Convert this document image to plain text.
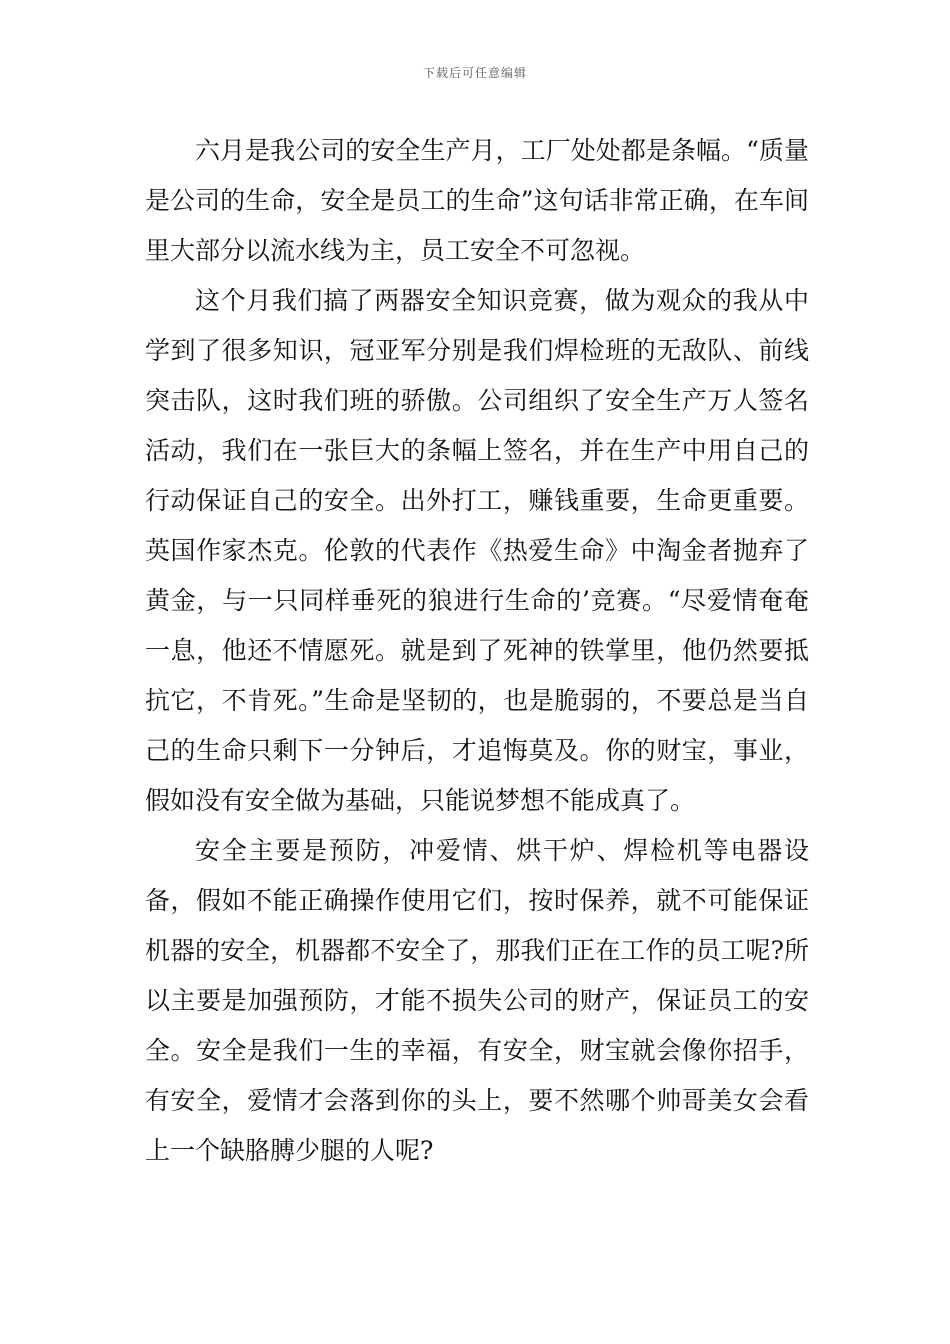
下载后可任意编辑

六月是我公司的安全生产月，工厂处处都是条幅。“质量是公司的生命，安全是员工的生命”这句话非常正确，在车间里大部分以流水线为主，员工安全不可忽视。

这个月我们搞了两器安全知识竞赛，做为观众的我从中学到了很多知识，冠亚军分别是我们焊检班的无敌队、前线突击队，这时我们班的骄傲。公司组织了安全生产万人签名活动，我们在一张巨大的条幅上签名，并在生产中用自己的行动保证自己的安全。出外打工，赚钱重要，生命更重要。英国作家杰克。伦敦的代表作《热爱生命》中淘金者抛弃了黄金，与一只同样垂死的狼进行生命的’竞赛。“尽爱情奄奄一息，他还不情愿死。就是到了死神的铁掌里，他仍然要抵抗它，不肯死。”生命是坚韧的，也是脆弱的，不要总是当自己的生命只剩下一分钟后，才追悔莫及。你的财宝，事业，假如没有安全做为基础，只能说梦想不能成真了。

安全主要是预防，冲爱情、烘干炉、焊检机等电器设备，假如不能正确操作使用它们，按时保养，就不可能保证机器的安全，机器都不安全了，那我们正在工作的员工呢?所以主要是加强预防，才能不损失公司的财产，保证员工的安全。安全是我们一生的幸福，有安全，财宝就会像你招手，有安全，爱情才会落到你的头上，要不然哪个帅哥美女会看上一个缺胳膊少腿的人呢?
